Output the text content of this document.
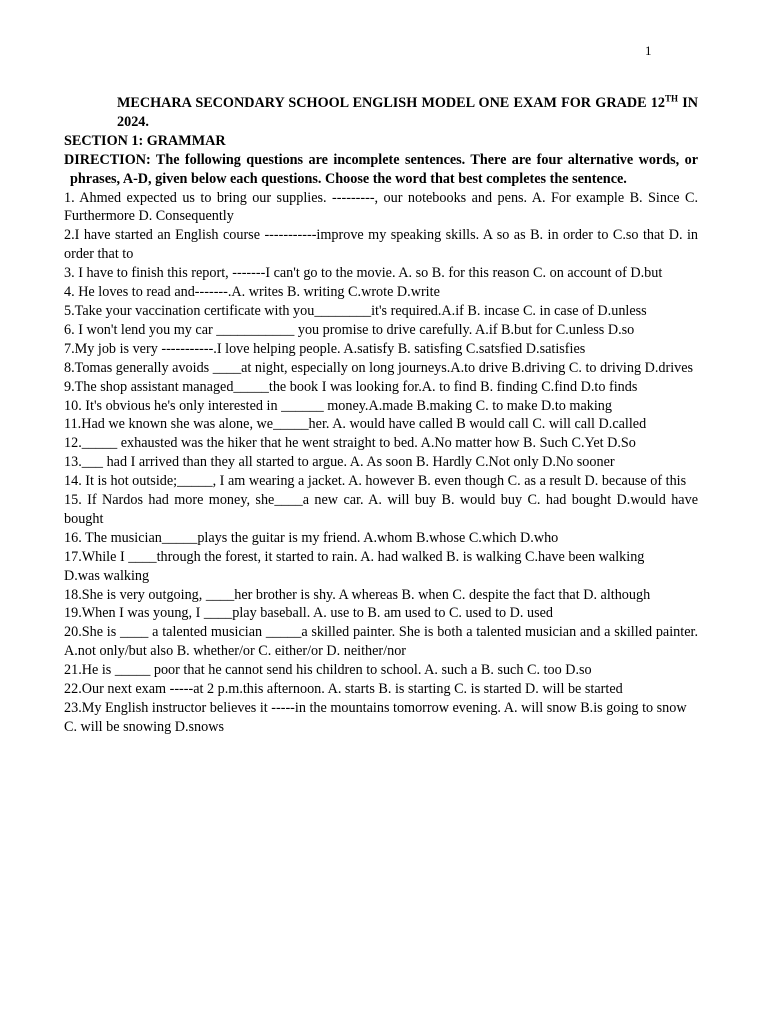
1

MECHARA SECONDARY SCHOOL ENGLISH MODEL ONE EXAM FOR GRADE 12TH IN 2024.

SECTION 1: GRAMMAR

DIRECTION: The following questions are incomplete sentences. There are four alternative words, or phrases, A-D, given below each questions. Choose the word that best completes the sentence.

1. Ahmed expected us to bring our supplies. ---------, our notebooks and pens. A. For example B. Since C. Furthermore D. Consequently

2.I have started an English course -----------improve my speaking skills. A so as B. in order to C.so that D. in order that to

3. I have to finish this report, -------I can't go to the movie. A. so B. for this reason C. on account of D.but

4. He loves to read and-------.A. writes B. writing C.wrote D.write

5.Take your vaccination certificate with you________it's required.A.if B. incase C. in case of D.unless

6. I won't lend you my car ___________ you promise to drive carefully. A.if B.but for C.unless D.so

7.My job is very -----------.I love helping people. A.satisfy B. satisfing C.satsfied D.satisfies

8.Tomas generally avoids ____at night, especially on long journeys.A.to drive B.driving C. to driving D.drives

9.The shop assistant managed_____the book I was looking for.A. to find B. finding C.find D.to finds

10. It's obvious he's only interested in ______ money.A.made B.making C. to make D.to making

11.Had we known she was alone, we_____her. A. would have called B would call C. will call D.called

12._____ exhausted was the hiker that he went straight to bed. A.No matter how B. Such C.Yet D.So

13.___ had I arrived than they all started to argue. A. As soon B. Hardly C.Not only D.No sooner

14. It is hot outside;_____, I am wearing a jacket. A. however B. even though C. as a result D. because of this

15. If Nardos had more money, she____a new car. A. will buy B. would buy C. had bought D.would have bought

16. The musician_____plays the guitar is my friend. A.whom B.whose C.which D.who

17.While I ____through the forest, it started to rain. A. had walked B. is walking C.have been walking
D.was walking

18.She is very outgoing, ____her brother is shy. A whereas B. when C. despite the fact that D. although

19.When I was young, I ____play baseball. A. use to B. am used to C. used to D. used

20.She is ____ a talented musician _____a skilled painter. She is both a talented musician and a skilled painter. A.not only/but also B. whether/or C. either/or D. neither/nor

21.He is _____ poor that he cannot send his children to school. A. such a B. such C. too D.so

22.Our next exam -----at 2 p.m.this afternoon. A. starts B. is starting C. is started D. will be started

23.My English instructor believes it -----in the mountains tomorrow evening. A. will snow B.is going to snow
C. will be snowing D.snows
